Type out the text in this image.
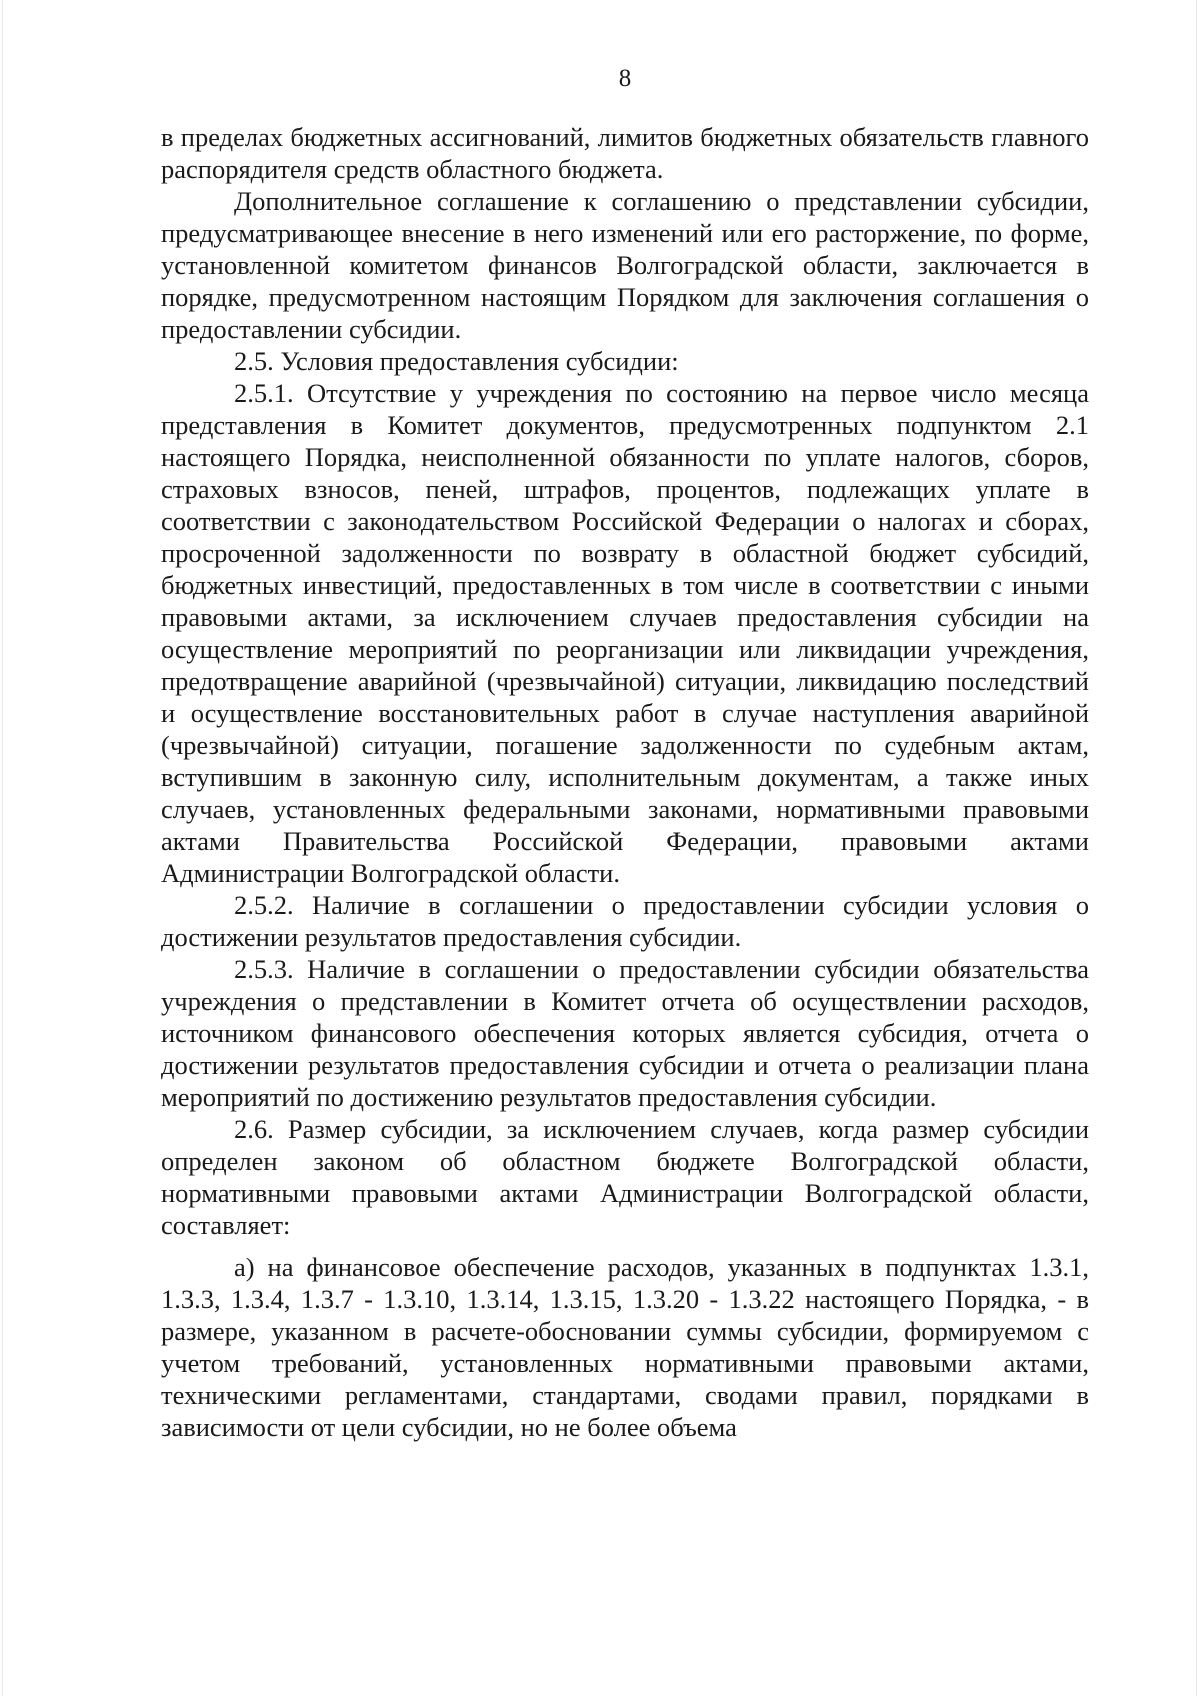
8

в пределах бюджетных ассигнований, лимитов бюджетных обязательств главного распорядителя средств областного бюджета.

Дополнительное соглашение к соглашению о представлении субсидии, предусматривающее внесение в него изменений или его расторжение, по форме, установленной комитетом финансов Волгоградской области, заключается в порядке, предусмотренном настоящим Порядком для заключения соглашения о предоставлении субсидии.

2.5. Условия предоставления субсидии:

2.5.1. Отсутствие у учреждения по состоянию на первое число месяца представления в Комитет документов, предусмотренных подпунктом 2.1 настоящего Порядка, неисполненной обязанности по уплате налогов, сборов, страховых взносов, пеней, штрафов, процентов, подлежащих уплате в соответствии с законодательством Российской Федерации о налогах и сборах, просроченной задолженности по возврату в областной бюджет субсидий, бюджетных инвестиций, предоставленных в том числе в соответствии с иными правовыми актами, за исключением случаев предоставления субсидии на осуществление мероприятий по реорганизации или ликвидации учреждения, предотвращение аварийной (чрезвычайной) ситуации, ликвидацию последствий и осуществление восстановительных работ в случае наступления аварийной (чрезвычайной) ситуации, погашение задолженности по судебным актам, вступившим в законную силу, исполнительным документам, а также иных случаев, установленных федеральными законами, нормативными правовыми актами Правительства Российской Федерации, правовыми актами Администрации Волгоградской области.

2.5.2. Наличие в соглашении о предоставлении субсидии условия о достижении результатов предоставления субсидии.

2.5.3. Наличие в соглашении о предоставлении субсидии обязательства учреждения о представлении в Комитет отчета об осуществлении расходов, источником финансового обеспечения которых является субсидия, отчета о достижении результатов предоставления субсидии и отчета о реализации плана мероприятий по достижению результатов предоставления субсидии.

2.6. Размер субсидии, за исключением случаев, когда размер субсидии определен законом об областном бюджете Волгоградской области, нормативными правовыми актами Администрации Волгоградской области, составляет:

а) на финансовое обеспечение расходов, указанных в подпунктах 1.3.1, 1.3.3, 1.3.4, 1.3.7 - 1.3.10, 1.3.14, 1.3.15, 1.3.20 - 1.3.22 настоящего Порядка, - в размере, указанном в расчете-обосновании суммы субсидии, формируемом с учетом требований, установленных нормативными правовыми актами, техническими регламентами, стандартами, сводами правил, порядками в зависимости от цели субсидии, но не более объема
